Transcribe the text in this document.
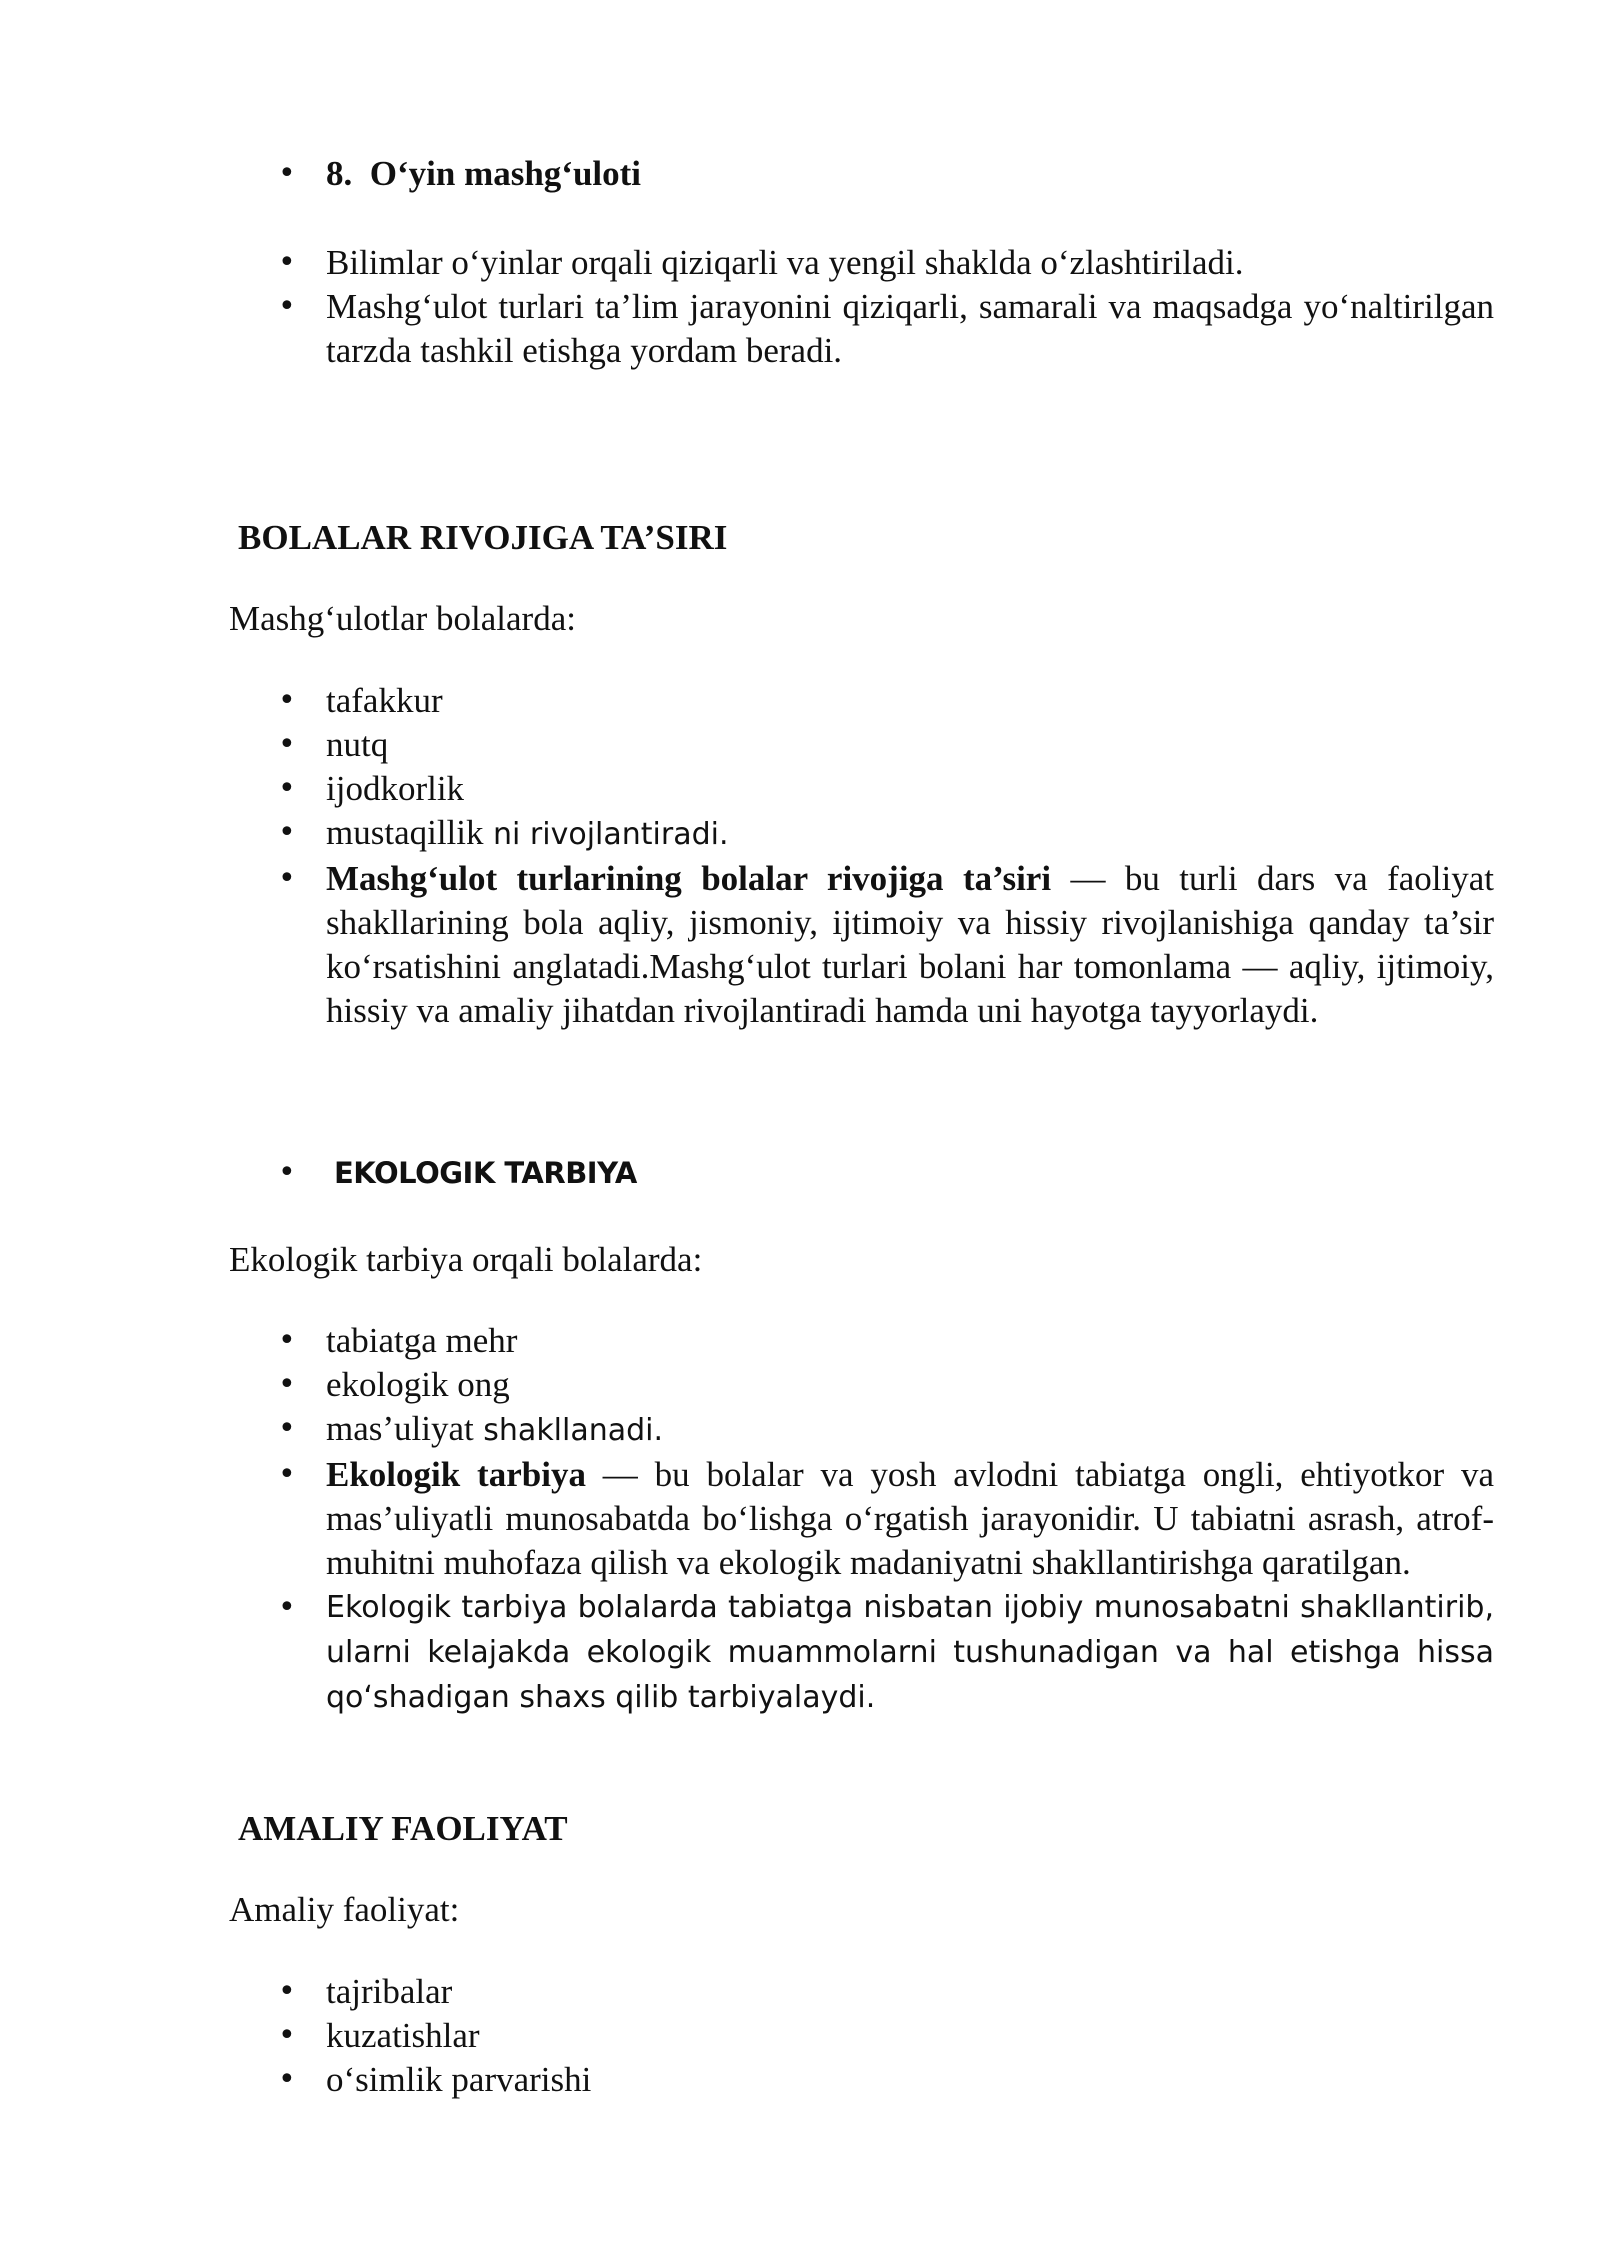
• 8. O‘yin mashg‘uloti
• Bilimlar o‘yinlar orqali qiziqarli va yengil shaklda o‘zlashtiriladi.
• Mashg‘ulot turlari ta’lim jarayonini qiziqarli, samarali va maqsadga yo‘naltirilgan tarzda tashkil etishga yordam beradi.
BOLALAR RIVOJIGA TA’SIRI
Mashg‘ulotlar bolalarda:
• tafakkur
• nutq
• ijodkorlik
• mustaqillik ni rivojlantiradi.
• Mashg‘ulot turlarining bolalar rivojiga ta’siri — bu turli dars va faoliyat shakllarining bola aqliy, jismoniy, ijtimoiy va hissiy rivojlanishiga qanday ta’sir ko‘rsatishini anglatadi.Mashg‘ulot turlari bolani har tomonlama — aqliy, ijtimoiy, hissiy va amaliy jihatdan rivojlantiradi hamda uni hayotga tayyorlaydi.
• EKOLOGIK TARBIYA
Ekologik tarbiya orqali bolalarda:
• tabiatga mehr
• ekologik ong
• mas’uliyat shakllanadi.
• Ekologik tarbiya — bu bolalar va yosh avlodni tabiatga ongli, ehtiyotkor va mas’uliyatli munosabatda bo‘lishga o‘rgatish jarayonidir. U tabiatni asrash, atrof-muhitni muhofaza qilish va ekologik madaniyatni shakllantirishga qaratilgan.
• Ekologik tarbiya bolalarda tabiatga nisbatan ijobiy munosabatni shakllantirib, ularni kelajakda ekologik muammolarni tushunadigan va hal etishga hissa qo‘shadigan shaxs qilib tarbiyalaydi.
AMALIY FAOLIYAT
Amaliy faoliyat:
• tajribalar
• kuzatishlar
• o‘simlik parvarishi
